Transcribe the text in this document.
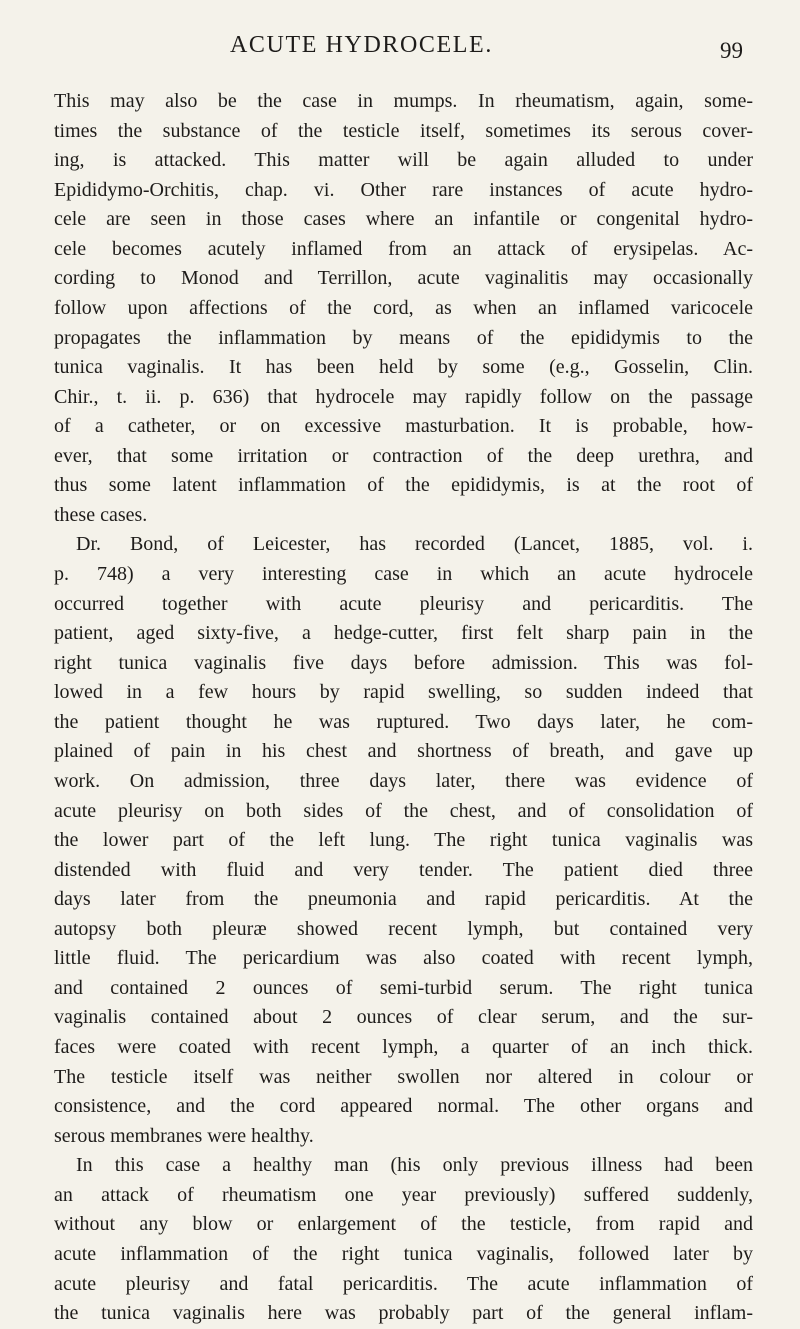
ACUTE HYDROCELE.	99
This may also be the case in mumps. In rheumatism, again, some-
times the substance of the testicle itself, sometimes its serous cover-
ing, is attacked. This matter will be again alluded to under
Epididymo-Orchitis, chap. vi. Other rare instances of acute hydro-
cele are seen in those cases where an infantile or congenital hydro-
cele becomes acutely inflamed from an attack of erysipelas. Ac-
cording to Monod and Terrillon, acute vaginalitis may occasionally
follow upon affections of the cord, as when an inflamed varicocele
propagates the inflammation by means of the epididymis to the
tunica vaginalis. It has been held by some (e.g., Gosselin, Clin.
Chir., t. ii. p. 636) that hydrocele may rapidly follow on the passage
of a catheter, or on excessive masturbation. It is probable, how-
ever, that some irritation or contraction of the deep urethra, and
thus some latent inflammation of the epididymis, is at the root of
these cases.
Dr. Bond, of Leicester, has recorded (Lancet, 1885, vol. i.
p. 748) a very interesting case in which an acute hydrocele
occurred together with acute pleurisy and pericarditis. The
patient, aged sixty-five, a hedge-cutter, first felt sharp pain in the
right tunica vaginalis five days before admission. This was fol-
lowed in a few hours by rapid swelling, so sudden indeed that
the patient thought he was ruptured. Two days later, he com-
plained of pain in his chest and shortness of breath, and gave up
work. On admission, three days later, there was evidence of
acute pleurisy on both sides of the chest, and of consolidation of
the lower part of the left lung. The right tunica vaginalis was
distended with fluid and very tender. The patient died three
days later from the pneumonia and rapid pericarditis. At the
autopsy both pleuræ showed recent lymph, but contained very
little fluid. The pericardium was also coated with recent lymph,
and contained 2 ounces of semi-turbid serum. The right tunica
vaginalis contained about 2 ounces of clear serum, and the sur-
faces were coated with recent lymph, a quarter of an inch thick.
The testicle itself was neither swollen nor altered in colour or
consistence, and the cord appeared normal. The other organs and
serous membranes were healthy.
In this case a healthy man (his only previous illness had been
an attack of rheumatism one year previously) suffered suddenly,
without any blow or enlargement of the testicle, from rapid and
acute inflammation of the right tunica vaginalis, followed later by
acute pleurisy and fatal pericarditis. The acute inflammation of
the tunica vaginalis here was probably part of the general inflam-
